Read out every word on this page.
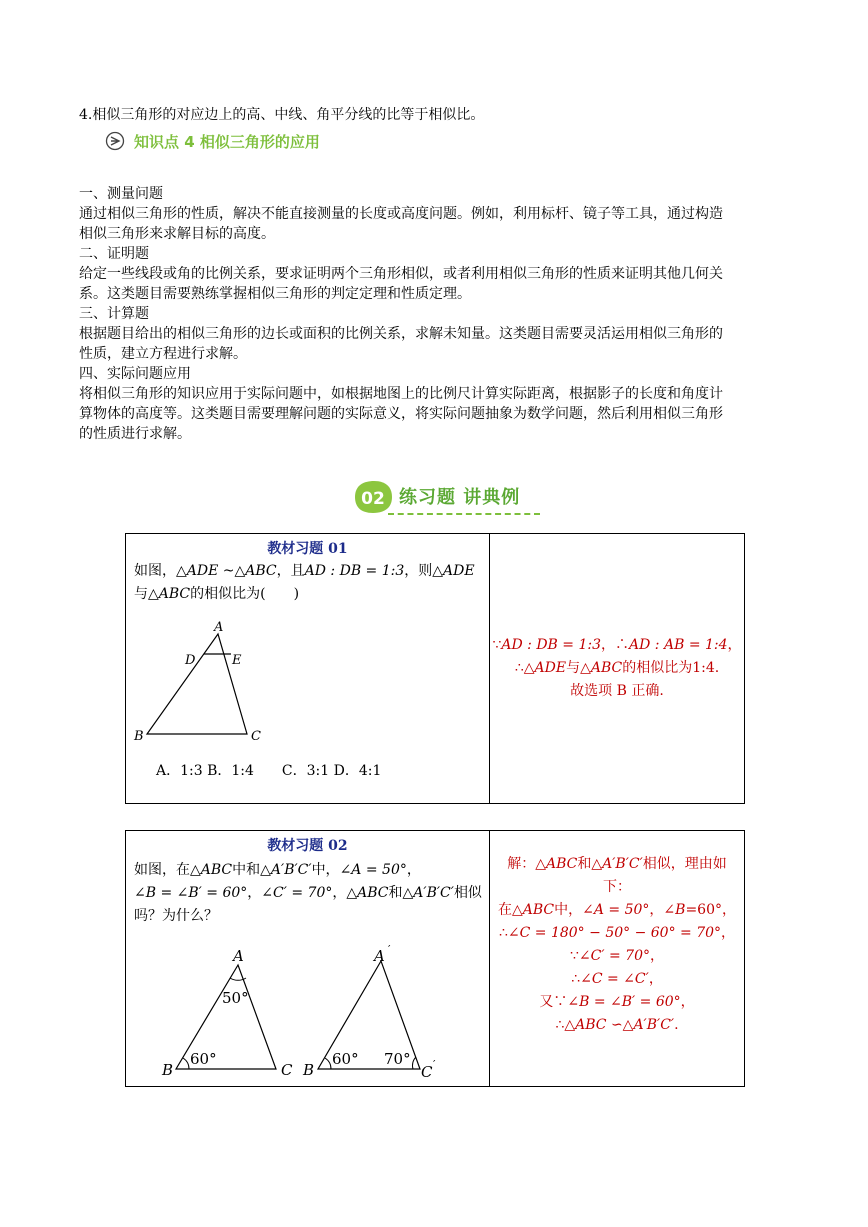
4.相似三角形的对应边上的高、中线、角平分线的比等于相似比。
知识点 4 相似三角形的应用
一、测量问题
通过相似三角形的性质，解决不能直接测量的长度或高度问题。例如，利用标杆、镜子等工具，通过构造
相似三角形来求解目标的高度。
二、证明题
给定一些线段或角的比例关系，要求证明两个三角形相似，或者利用相似三角形的性质来证明其他几何关
系。这类题目需要熟练掌握相似三角形的判定定理和性质定理。
三、计算题
根据题目给出的相似三角形的边长或面积的比例关系，求解未知量。这类题目需要灵活运用相似三角形的
性质，建立方程进行求解。
四、实际问题应用
将相似三角形的知识应用于实际问题中，如根据地图上的比例尺计算实际距离，根据影子的长度和角度计
算物体的高度等。这类题目需要理解问题的实际意义，将实际问题抽象为数学问题，然后利用相似三角形
的性质进行求解。
02 练习题 讲典例
教材习题 01
如图，△ADE ~△ABC，且AD : DB = 1:3，则△ADE
与△ABC的相似比为(　　)
A
D	E
B	C
A．1:3 B．1:4　　C．3:1 D．4:1

∵AD : DB = 1:3，∴AD : AB = 1:4，
∴△ADE与△ABC的相似比为1:4.
故选项 B 正确.
教材习题 02
如图，在△ABC中和△A′B′C′中，∠A = 50°，
∠B = ∠B′ = 60°，∠C′ = 70°，△ABC和△A′B′C′相似
吗？为什么？
A
50°
B
60°
C
A ′
B
60° 70°
C ′

解：△ABC和△A′B′C′相似，理由如
下：
在△ABC中，∠A = 50°，∠B=60°，
∴∠C = 180° − 50° − 60° = 70°，
∵∠C′ = 70°，
∴∠C = ∠C′，
又∵∠B = ∠B′ = 60°，
∴△ABC ∽△A′B′C′.
